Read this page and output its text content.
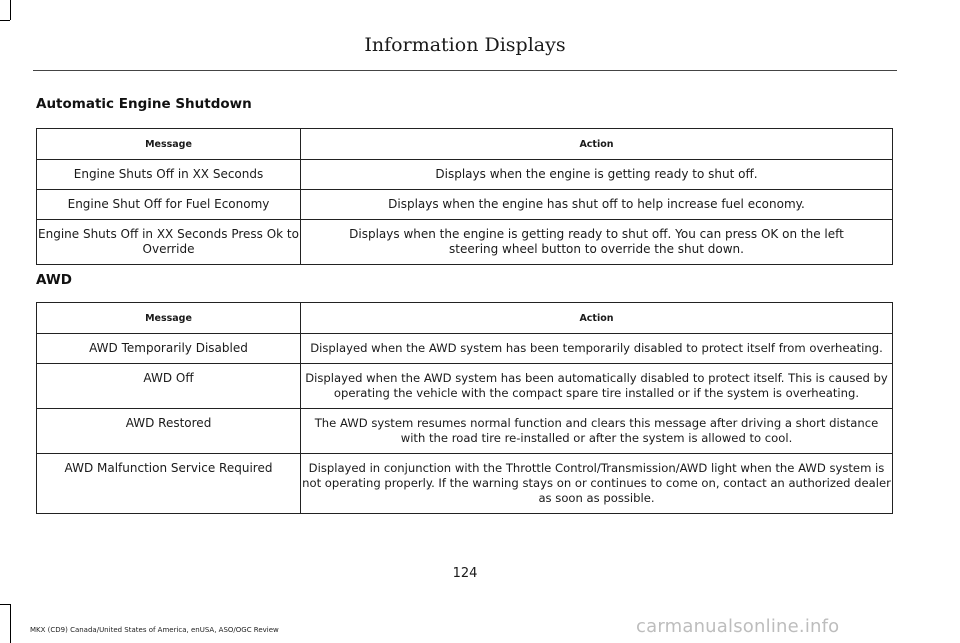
Information Displays
Automatic Engine Shutdown
Message	Action
Engine Shuts Off in XX Seconds	Displays when the engine is getting ready to shut off.
Engine Shut Off for Fuel Economy	Displays when the engine has shut off to help increase fuel economy.
Engine Shuts Off in XX Seconds Press Ok to Override	Displays when the engine is getting ready to shut off. You can press OK on the left steering wheel button to override the shut down.
AWD
Message	Action
AWD Temporarily Disabled	Displayed when the AWD system has been temporarily disabled to protect itself from overheating.
AWD Off	Displayed when the AWD system has been automatically disabled to protect itself. This is caused by operating the vehicle with the compact spare tire installed or if the system is overheating.
AWD Restored	The AWD system resumes normal function and clears this message after driving a short distance with the road tire re-installed or after the system is allowed to cool.
AWD Malfunction Service Required	Displayed in conjunction with the Throttle Control/Transmission/AWD light when the AWD system is not operating properly. If the warning stays on or continues to come on, contact an authorized dealer as soon as possible.
124
MKX (CD9) Canada/United States of America, enUSA, ASO/OGC Review	carmanualsonline.info
